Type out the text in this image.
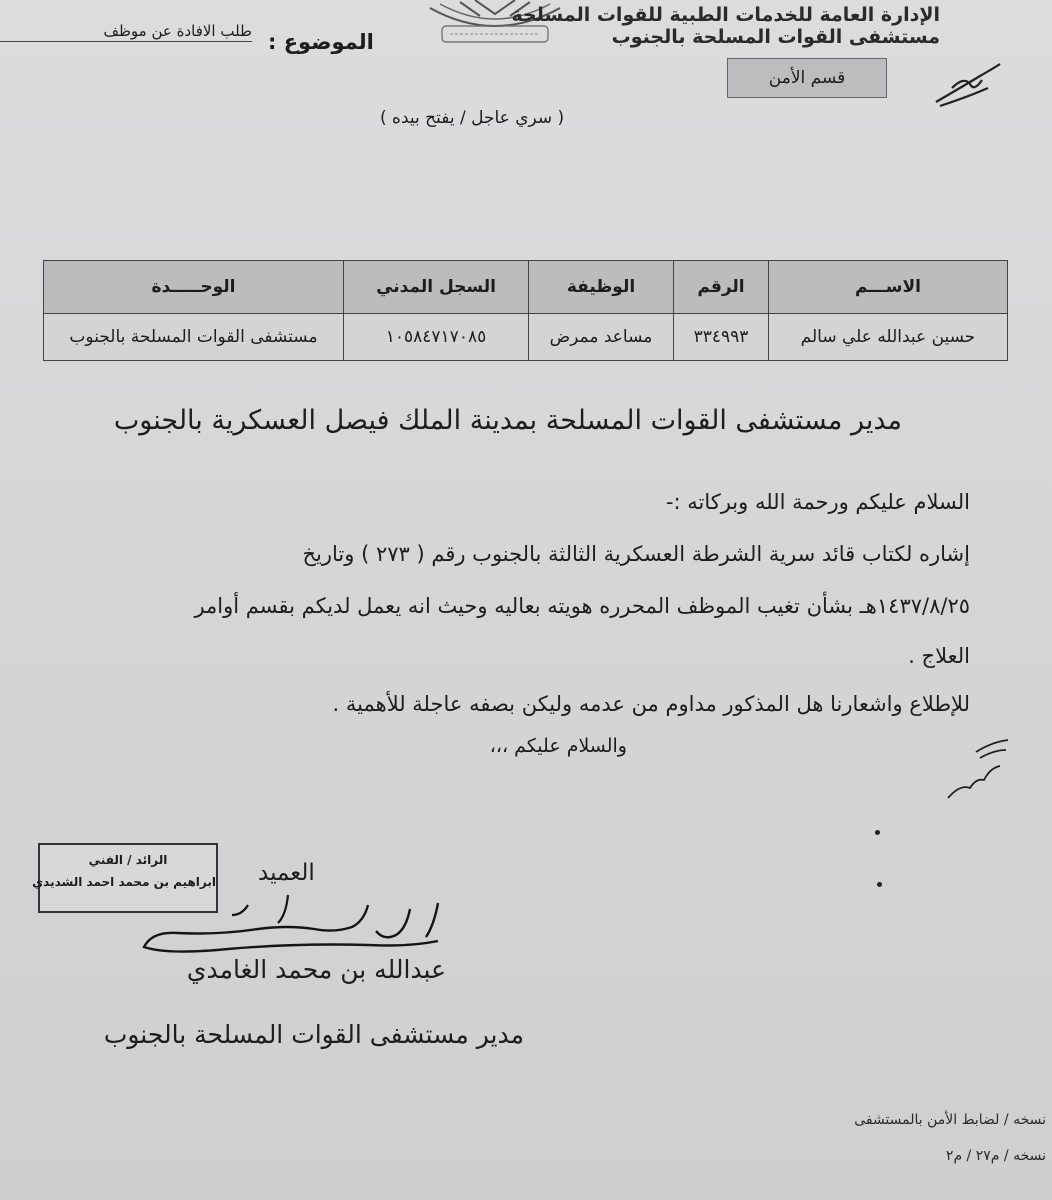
الإدارة العامة للخدمات الطبية للقوات المسلحة
مستشفى القوات المسلحة بالجنوب
الموضوع :
طلب الافادة عن موظف
قسم الأمن
( سري عاجل / يفتح بيده )
الاســـم	الرقم	الوظيفة	السجل المدني	الوحـــــدة
حسين عبدالله علي سالم	٣٣٤٩٩٣	مساعد ممرض	١٠٥٨٤٧١٧٠٨٥	مستشفى القوات المسلحة بالجنوب
مدير مستشفى القوات المسلحة بمدينة الملك فيصل العسكرية بالجنوب
السلام عليكم ورحمة الله وبركاته :-
إشاره لكتاب قائد سرية الشرطة العسكرية الثالثة بالجنوب رقم ( ٢٧٣ ) وتاريخ
١٤٣٧/٨/٢٥هـ بشأن تغيب الموظف المحرره هويته بعاليه وحيث انه يعمل لديكم بقسم أوامر
العلاج .
للإطلاع واشعارنا هل المذكور مداوم من عدمه وليكن بصفه عاجلة للأهمية .
والسلام عليكم ،،،
الرائد / الفني
ابراهيم بن محمد احمد الشديدي العميد
عبدالله بن محمد الغامدي
مدير مستشفى القوات المسلحة بالجنوب
نسخه / لضابط الأمن بالمستشفى
نسخه / م٢٧ / م٢
